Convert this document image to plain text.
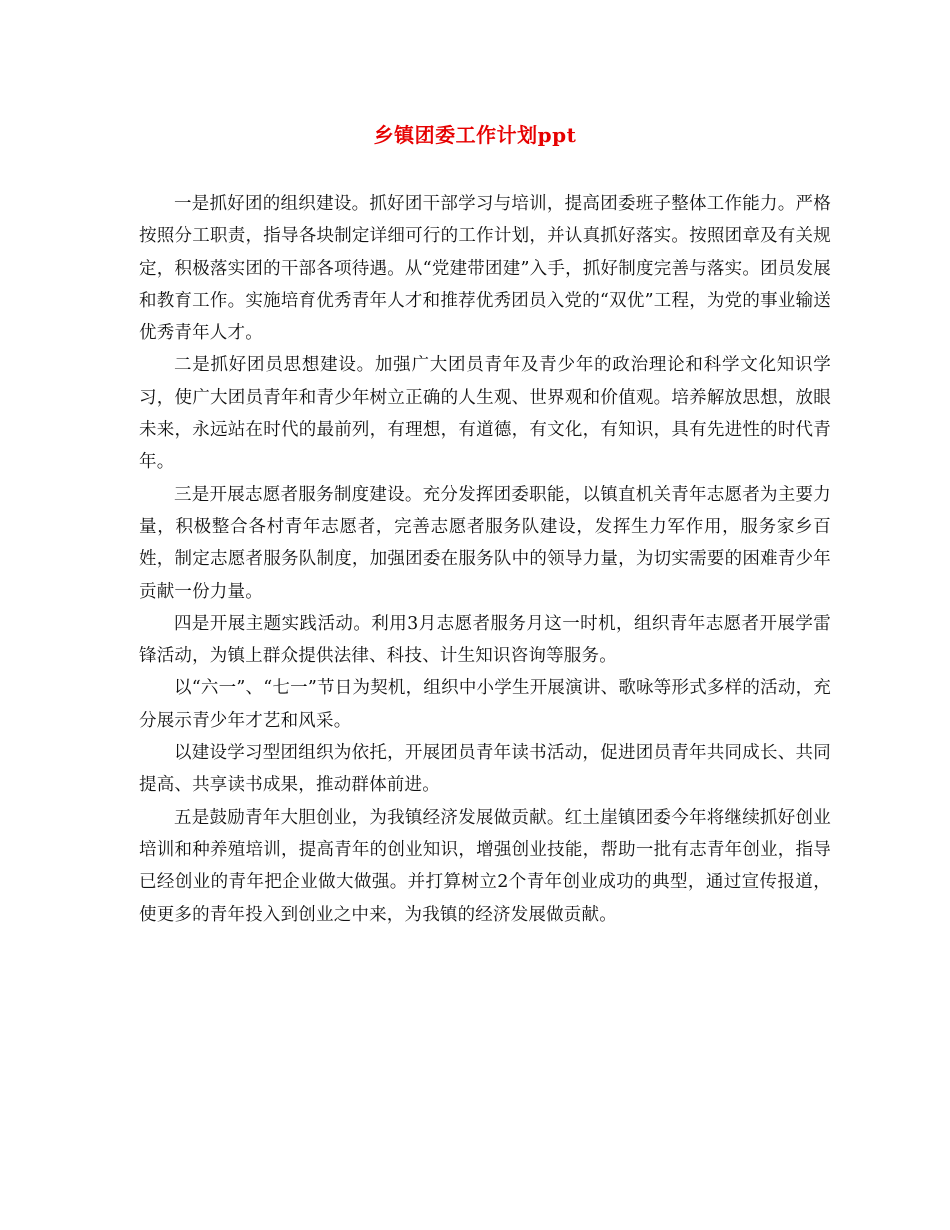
乡镇团委工作计划ppt

一是抓好团的组织建设。抓好团干部学习与培训，提高团委班子整体工作能力。严格按照分工职责，指导各块制定详细可行的工作计划，并认真抓好落实。按照团章及有关规定，积极落实团的干部各项待遇。从“党建带团建”入手，抓好制度完善与落实。团员发展和教育工作。实施培育优秀青年人才和推荐优秀团员入党的“双优”工程，为党的事业输送优秀青年人才。

二是抓好团员思想建设。加强广大团员青年及青少年的政治理论和科学文化知识学习，使广大团员青年和青少年树立正确的人生观、世界观和价值观。培养解放思想，放眼未来，永远站在时代的最前列，有理想，有道德，有文化，有知识，具有先进性的时代青年。

三是开展志愿者服务制度建设。充分发挥团委职能，以镇直机关青年志愿者为主要力量，积极整合各村青年志愿者，完善志愿者服务队建设，发挥生力军作用，服务家乡百姓，制定志愿者服务队制度，加强团委在服务队中的领导力量，为切实需要的困难青少年贡献一份力量。

四是开展主题实践活动。利用3月志愿者服务月这一时机，组织青年志愿者开展学雷锋活动，为镇上群众提供法律、科技、计生知识咨询等服务。

以“六一”、“七一”节日为契机，组织中小学生开展演讲、歌咏等形式多样的活动，充分展示青少年才艺和风采。

以建设学习型团组织为依托，开展团员青年读书活动，促进团员青年共同成长、共同提高、共享读书成果，推动群体前进。

五是鼓励青年大胆创业，为我镇经济发展做贡献。红土崖镇团委今年将继续抓好创业培训和种养殖培训，提高青年的创业知识，增强创业技能，帮助一批有志青年创业，指导已经创业的青年把企业做大做强。并打算树立2个青年创业成功的典型，通过宣传报道，使更多的青年投入到创业之中来，为我镇的经济发展做贡献。
